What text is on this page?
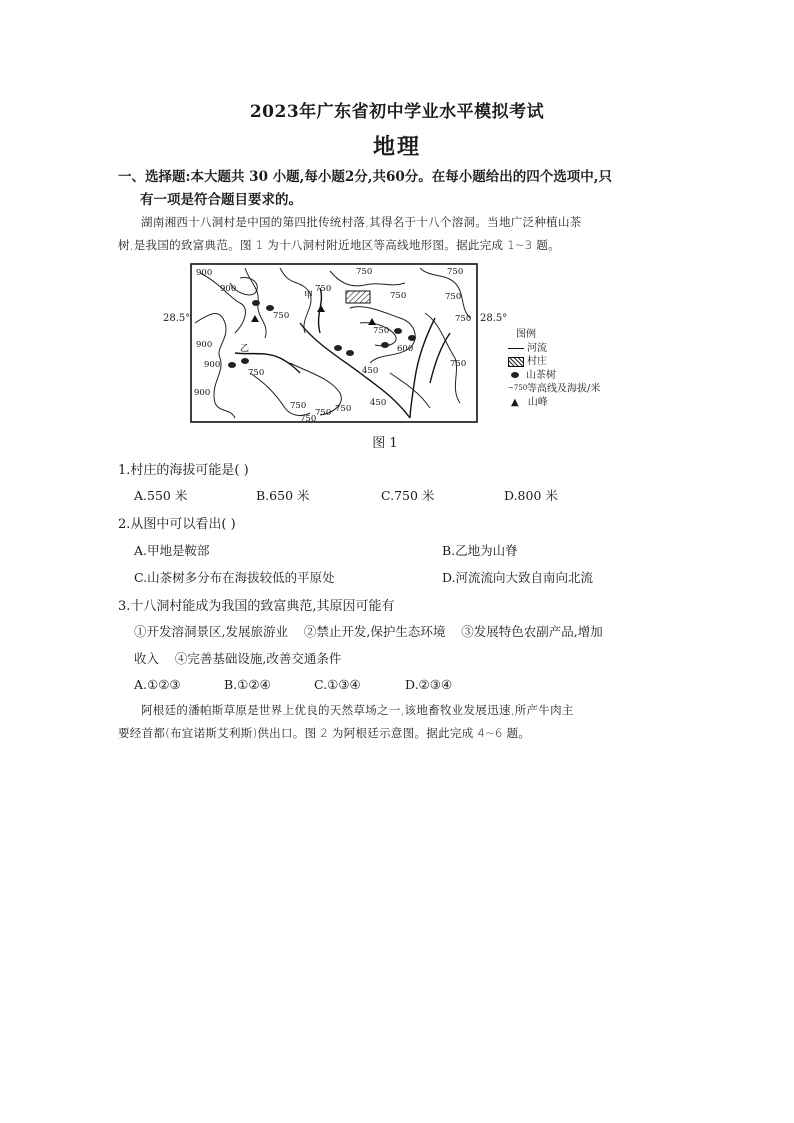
2023年广东省初中学业水平模拟考试
地理
一、选择题:本大题共 30 小题,每小题2分,共60分。在每小题给出的四个选项中,只
有一项是符合题目要求的。
湖南湘西十八洞村是中国的第四批传统村落,其得名于十八个溶洞。当地广泛种植山茶
树,是我国的致富典范。图 1 为十八洞村附近地区等高线地形图。据此完成 1~3 题。
900
900	750
750	750
750
750
750
750
750
600
750
450
450
900
750
900
900
750
750 750
750
甲
乙
28.5°	28.5°
图例
河流
村庄
山茶树
~750等高线及海拔/米
▲ 山峰
图 1
1.村庄的海拔可能是( )
A.550 米	B.650 米	C.750 米	D.800 米
2.从图中可以看出( )
A.甲地是鞍部	B.乙地为山脊
C.山茶树多分布在海拔较低的平原处	D.河流流向大致自南向北流
3.十八洞村能成为我国的致富典范,其原因可能有
①开发溶洞景区,发展旅游业    ②禁止开发,保护生态环境    ③发展特色农副产品,增加
收入    ④完善基础设施,改善交通条件
A.①②③	B.①②④	C.①③④	D.②③④
阿根廷的潘帕斯草原是世界上优良的天然草场之一,该地畜牧业发展迅速,所产牛肉主
要经首都(布宜诺斯艾利斯)供出口。图 2 为阿根廷示意图。据此完成 4~6 题。
